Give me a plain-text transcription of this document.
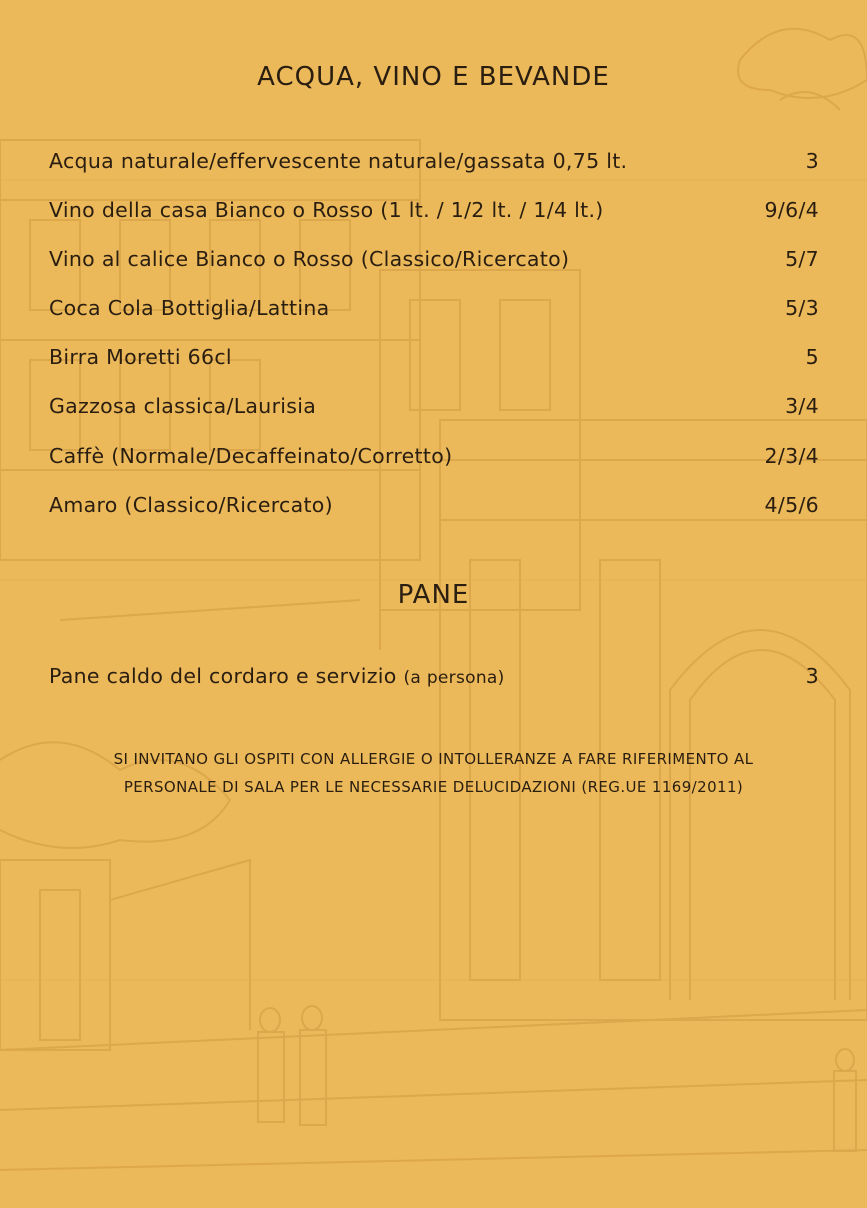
ACQUA, VINO E BEVANDE
Acqua naturale/effervescente naturale/gassata 0,75 lt.	3
Vino della casa Bianco o Rosso (1 lt. / 1/2 lt. / 1/4 lt.)	9/6/4
Vino al calice Bianco o Rosso (Classico/Ricercato)	5/7
Coca Cola Bottiglia/Lattina	5/3
Birra Moretti 66cl	5
Gazzosa classica/Laurisia	3/4
Caffè (Normale/Decaffeinato/Corretto)	2/3/4
Amaro (Classico/Ricercato)	4/5/6
PANE
Pane caldo del cordaro e servizio (a persona)	3
SI INVITANO GLI OSPITI CON ALLERGIE O INTOLLERANZE A FARE RIFERIMENTO AL
PERSONALE DI SALA PER LE NECESSARIE DELUCIDAZIONI (REG.UE 1169/2011)
